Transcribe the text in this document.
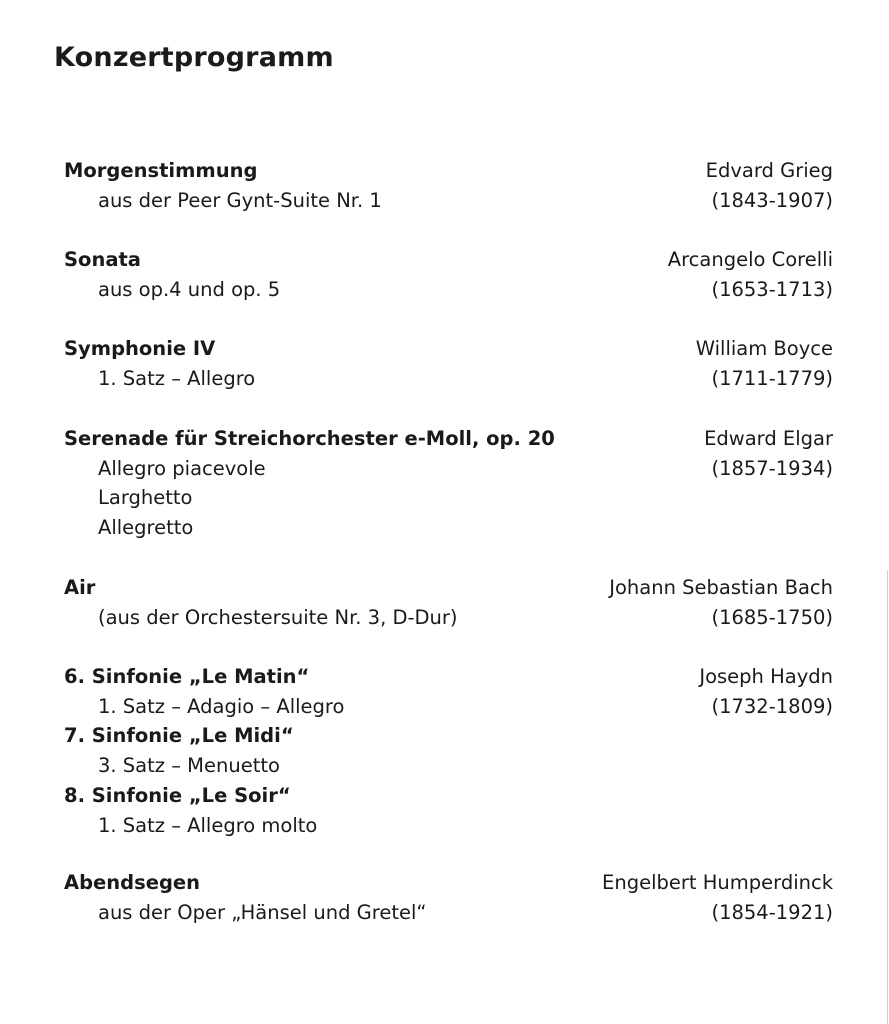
Konzertprogramm
Morgenstimmung
aus der Peer Gynt-Suite Nr. 1
Edvard Grieg
(1843-1907)
Sonata
aus op.4 und op. 5
Arcangelo Corelli
(1653-1713)
Symphonie IV
1. Satz – Allegro
William Boyce
(1711-1779)
Serenade für Streichorchester e-Moll, op. 20
Allegro piacevole
Larghetto
Allegretto
Edward Elgar
(1857-1934)
Air
(aus der Orchestersuite Nr. 3, D-Dur)
Johann Sebastian Bach
(1685-1750)
6. Sinfonie „Le Matin“
1. Satz – Adagio – Allegro
7. Sinfonie „Le Midi“
3. Satz – Menuetto
8. Sinfonie „Le Soir“
1. Satz – Allegro molto
Joseph Haydn
(1732-1809)
Abendsegen
aus der Oper „Hänsel und Gretel“
Engelbert Humperdinck
(1854-1921)
